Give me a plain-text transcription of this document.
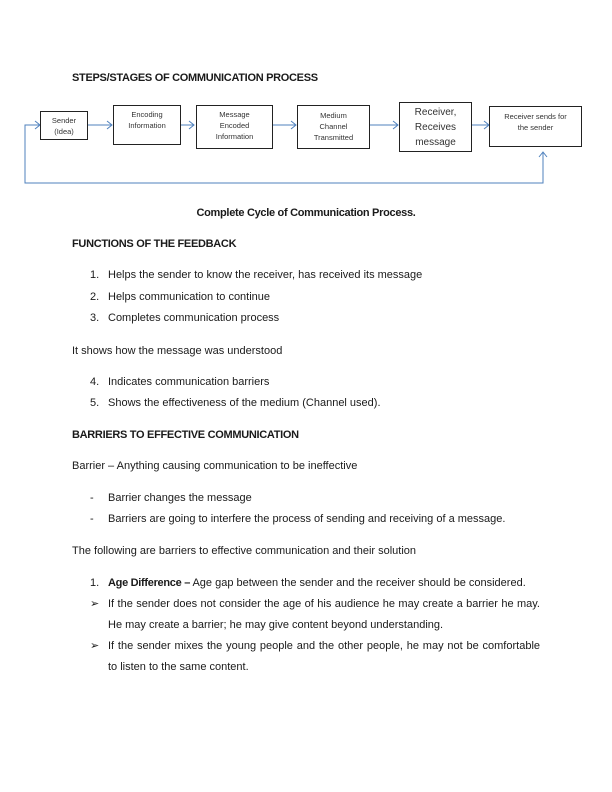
STEPS/STAGES OF COMMUNICATION PROCESS
Sender
(Idea)
Encoding
Information
Message
Encoded
Information
Medium
Channel
Transmitted
Receiver,
Receives
message
Receiver sends for
the sender
Complete Cycle of Communication Process.
FUNCTIONS OF THE FEEDBACK
1. Helps the sender to know the receiver, has received its message
2. Helps communication to continue
3. Completes communication process
It shows how the message was understood
4. Indicates communication barriers
5. Shows the effectiveness of the medium (Channel used).
BARRIERS TO EFFECTIVE COMMUNICATION
Barrier – Anything causing communication to be ineffective
- Barrier changes the message
- Barriers are going to interfere the process of sending and receiving of a message.
The following are barriers to effective communication and their solution
1. Age Difference – Age gap between the sender and the receiver should be considered.
➢ If the sender does not consider the age of his audience he may create a barrier he may. He may create a barrier; he may give content beyond understanding.
➢ If the sender mixes the young people and the other people, he may not be comfortable to listen to the same content.
